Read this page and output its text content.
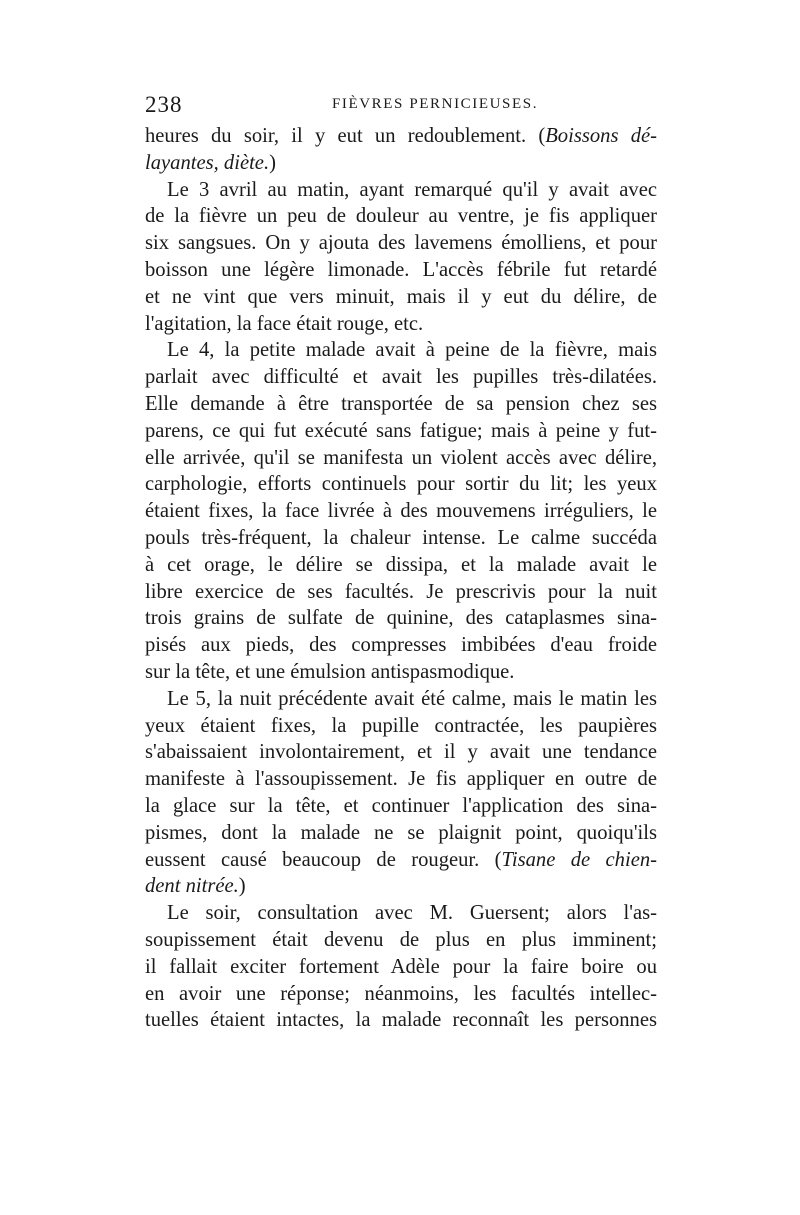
238	FIÈVRES PERNICIEUSES.
heures du soir, il y eut un redoublement. (Boissons dé-
layantes, diète.)
Le 3 avril au matin, ayant remarqué qu'il y avait avec
de la fièvre un peu de douleur au ventre, je fis appliquer
six sangsues. On y ajouta des lavemens émolliens, et pour
boisson une légère limonade. L'accès fébrile fut retardé
et ne vint que vers minuit, mais il y eut du délire, de
l'agitation, la face était rouge, etc.
Le 4, la petite malade avait à peine de la fièvre, mais
parlait avec difficulté et avait les pupilles très-dilatées.
Elle demande à être transportée de sa pension chez ses
parens, ce qui fut exécuté sans fatigue; mais à peine y fut-
elle arrivée, qu'il se manifesta un violent accès avec délire,
carphologie, efforts continuels pour sortir du lit; les yeux
étaient fixes, la face livrée à des mouvemens irréguliers, le
pouls très-fréquent, la chaleur intense. Le calme succéda
à cet orage, le délire se dissipa, et la malade avait le
libre exercice de ses facultés. Je prescrivis pour la nuit
trois grains de sulfate de quinine, des cataplasmes sina-
pisés aux pieds, des compresses imbibées d'eau froide
sur la tête, et une émulsion antispasmodique.
Le 5, la nuit précédente avait été calme, mais le matin les
yeux étaient fixes, la pupille contractée, les paupières
s'abaissaient involontairement, et il y avait une tendance
manifeste à l'assoupissement. Je fis appliquer en outre de
la glace sur la tête, et continuer l'application des sina-
pismes, dont la malade ne se plaignit point, quoiqu'ils
eussent causé beaucoup de rougeur. (Tisane de chien-
dent nitrée.)
Le soir, consultation avec M. Guersent; alors l'as-
soupissement était devenu de plus en plus imminent;
il fallait exciter fortement Adèle pour la faire boire ou
en avoir une réponse; néanmoins, les facultés intellec-
tuelles étaient intactes, la malade reconnaît les personnes
